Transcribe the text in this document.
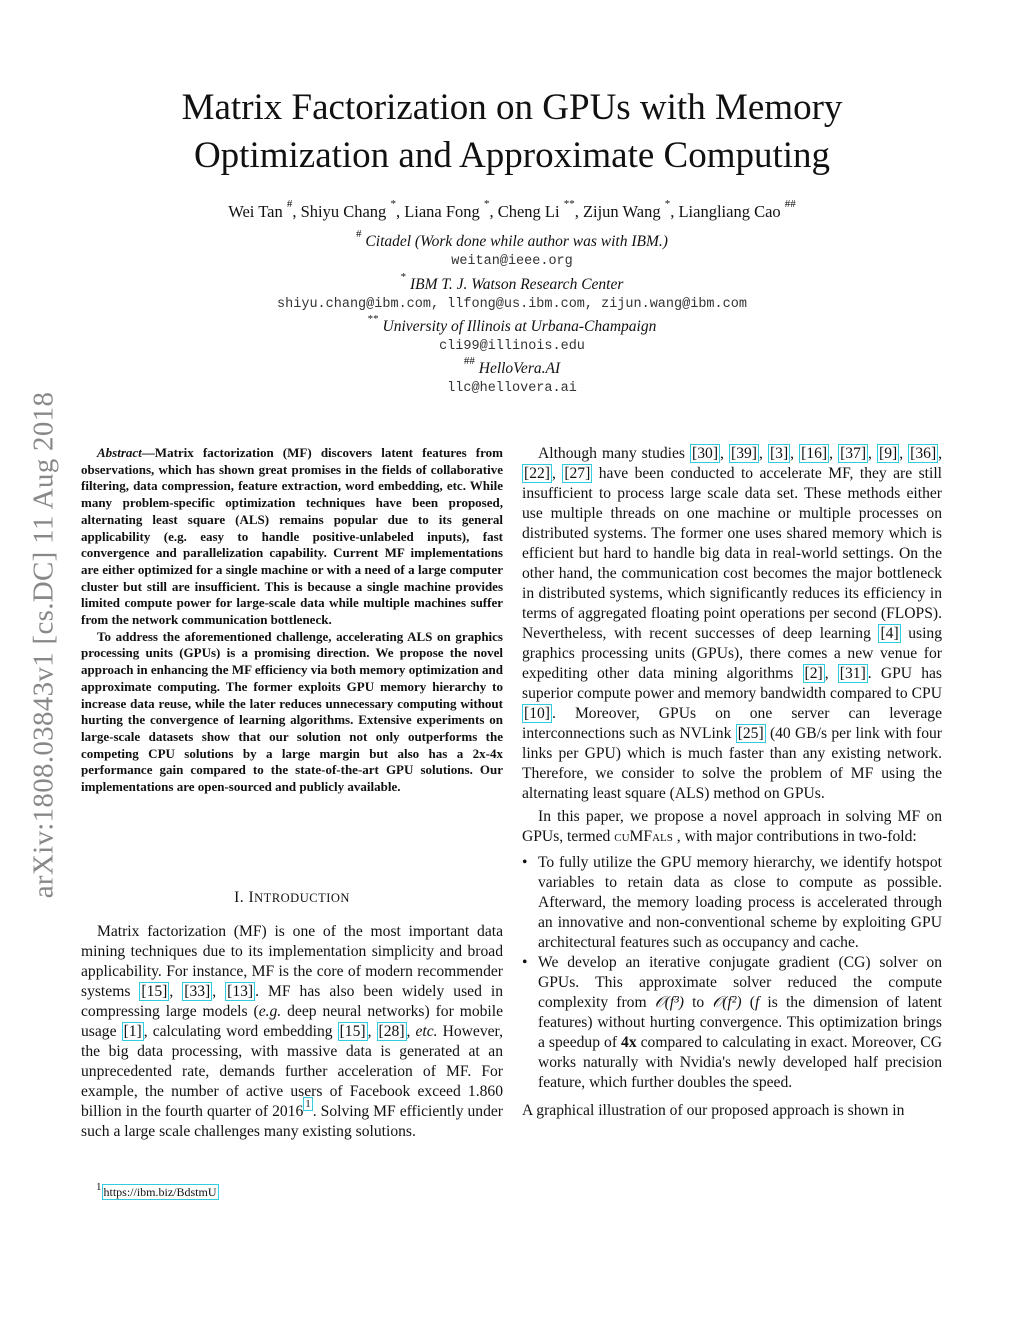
arXiv:1808.03843v1 [cs.DC] 11 Aug 2018
Matrix Factorization on GPUs with Memory
Optimization and Approximate Computing
Wei Tan #, Shiyu Chang *, Liana Fong *, Cheng Li **, Zijun Wang *, Liangliang Cao ##
# Citadel (Work done while author was with IBM.)
weitan@ieee.org
* IBM T. J. Watson Research Center
shiyu.chang@ibm.com, llfong@us.ibm.com, zijun.wang@ibm.com
** University of Illinois at Urbana-Champaign
cli99@illinois.edu
## HelloVera.AI
llc@hellovera.ai

Abstract—Matrix factorization (MF) discovers latent features from observations, which has shown great promises in the fields of collaborative filtering, data compression, feature extraction, word embedding, etc. While many problem-specific optimization techniques have been proposed, alternating least square (ALS) remains popular due to its general applicability (e.g. easy to handle positive-unlabeled inputs), fast convergence and parallelization capability. Current MF implementations are either optimized for a single machine or with a need of a large computer cluster but still are insufficient. This is because a single machine provides limited compute power for large-scale data while multiple machines suffer from the network communication bottleneck.

To address the aforementioned challenge, accelerating ALS on graphics processing units (GPUs) is a promising direction. We propose the novel approach in enhancing the MF efficiency via both memory optimization and approximate computing. The former exploits GPU memory hierarchy to increase data reuse, while the later reduces unnecessary computing without hurting the convergence of learning algorithms. Extensive experiments on large-scale datasets show that our solution not only outperforms the competing CPU solutions by a large margin but also has a 2x-4x performance gain compared to the state-of-the-art GPU solutions. Our implementations are open-sourced and publicly available.

I. INTRODUCTION

Matrix factorization (MF) is one of the most important data mining techniques due to its implementation simplicity and broad applicability. For instance, MF is the core of modern recommender systems [15] , [33] , [13] . MF has also been widely used in compressing large models (e.g. deep neural networks) for mobile usage [1] , calculating word embedding [15] , [28] , etc. However, the big data processing, with massive data is generated at an unprecedented rate, demands further acceleration of MF. For example, the number of active users of Facebook exceed 1.860 billion in the fourth quarter of 2016 $^1$ . Solving MF efficiently under such a large scale challenges many existing solutions.

$^1$ https://ibm.biz/BdstmU

Although many studies [30] , [39] , [3] , [16] , [37] , [9] , [36] , [22] , [27] have been conducted to accelerate MF, they are still insufficient to process large scale data set. These methods either use multiple threads on one machine or multiple processes on distributed systems. The former one uses shared memory which is efficient but hard to handle big data in real-world settings. On the other hand, the communication cost becomes the major bottleneck in distributed systems, which significantly reduces its efficiency in terms of aggregated floating point operations per second (FLOPS). Nevertheless, with recent successes of deep learning [4] using graphics processing units (GPUs), there comes a new venue for expediting other data mining algorithms [2] , [31] . GPU has superior compute power and memory bandwidth compared to CPU [10] . Moreover, GPUs on one server can leverage interconnections such as NVLink [25] (40 GB/s per link with four links per GPU) which is much faster than any existing network. Therefore, we consider to solve the problem of MF using the alternating least square (ALS) method on GPUs.

In this paper, we propose a novel approach in solving MF on GPUs, termed cuMFals , with major contributions in two-fold:

• To fully utilize the GPU memory hierarchy, we identify hotspot variables to retain data as close to compute as possible. Afterward, the memory loading process is accelerated through an innovative and non-conventional scheme by exploiting GPU architectural features such as occupancy and cache.
• We develop an iterative conjugate gradient (CG) solver on GPUs. This approximate solver reduced the compute complexity from 𝒪(f³) to 𝒪(f²) (f is the dimension of latent features) without hurting convergence. This optimization brings a speedup of 4x compared to calculating in exact. Moreover, CG works naturally with Nvidia's newly developed half precision feature, which further doubles the speed.

A graphical illustration of our proposed approach is shown in
